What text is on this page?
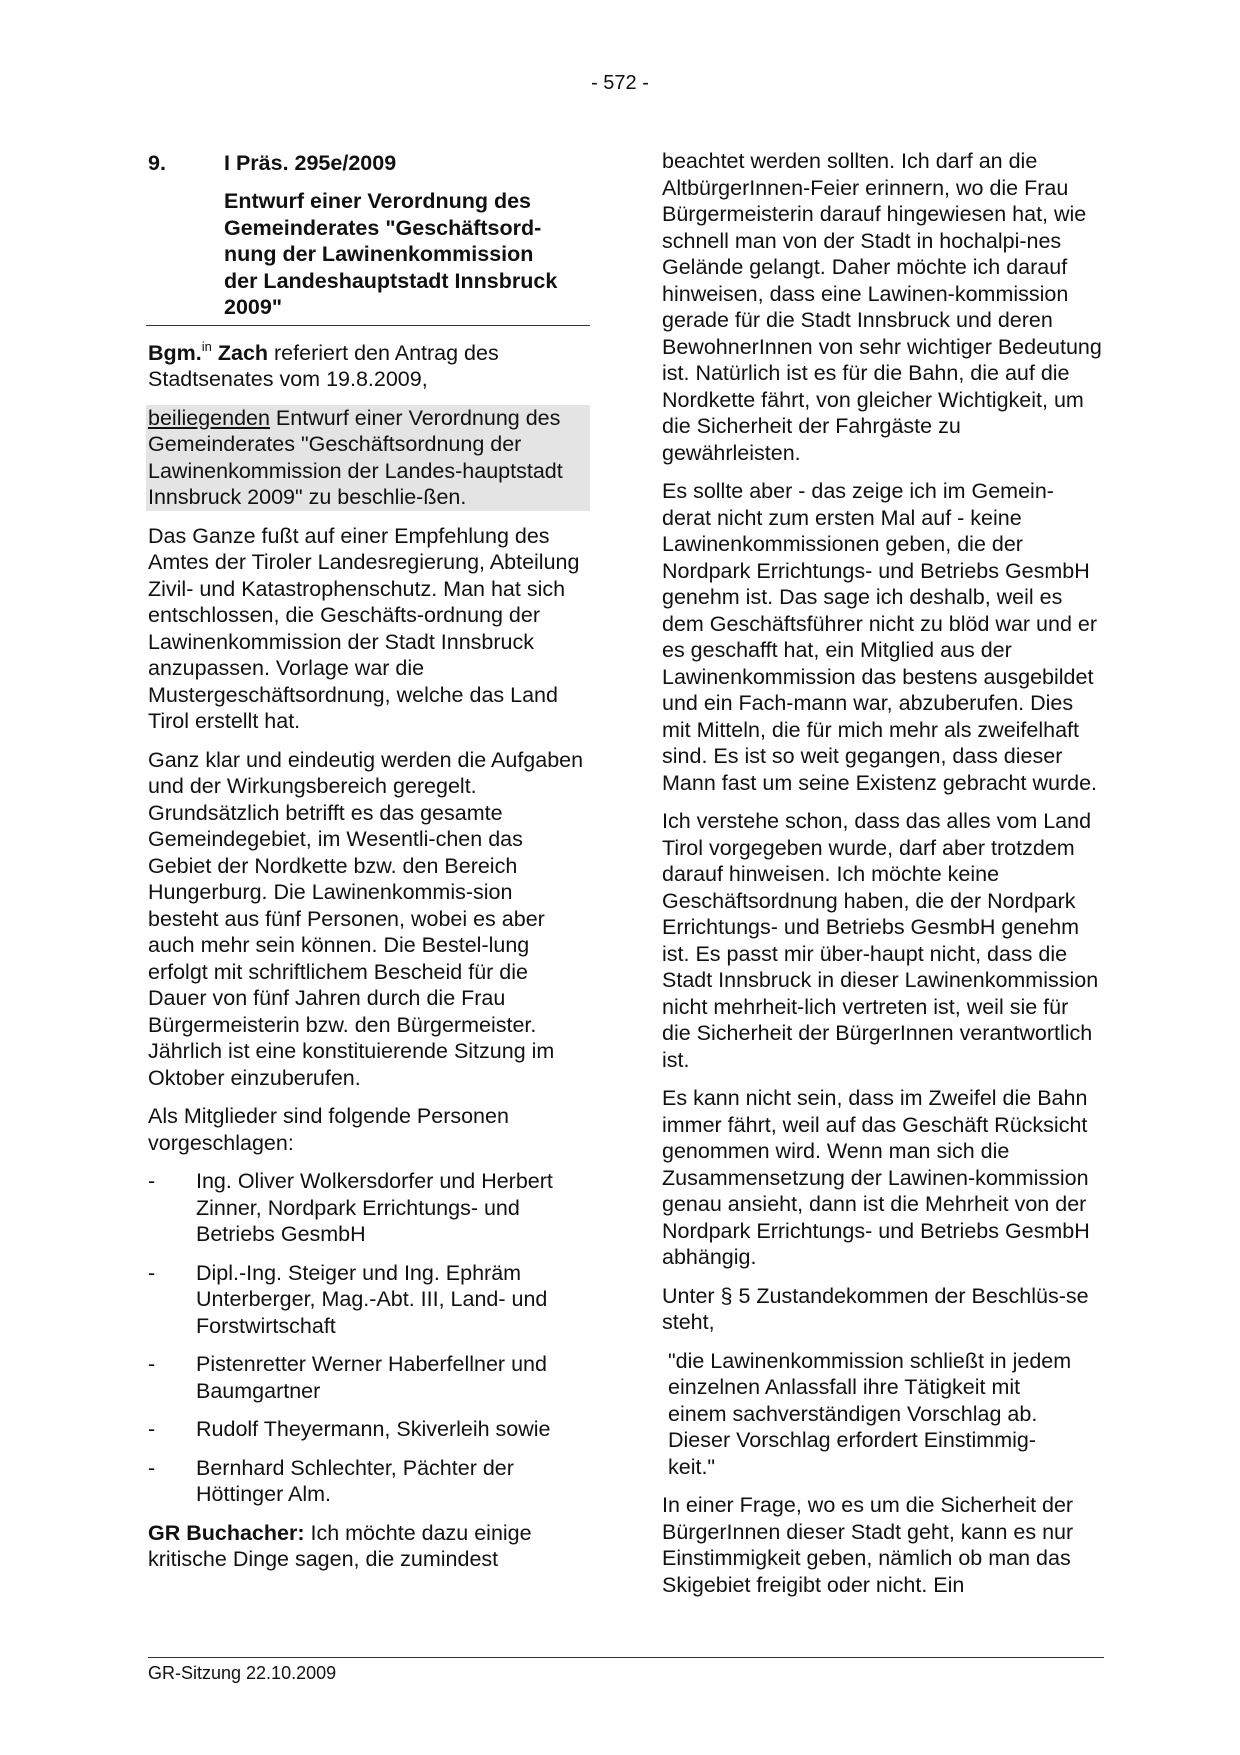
- 572 -
9.	I Präs. 295e/2009
Entwurf einer Verordnung des
Gemeinderates "Geschäftsord-
nung der Lawinenkommission
der Landeshauptstadt Innsbruck
2009"

Bgm.$^{in}$ Zach referiert den Antrag des Stadtsenates vom 19.8.2009,

beiliegenden Entwurf einer Verordnung des Gemeinderates "Geschäftsordnung der Lawinenkommission der Landes-hauptstadt Innsbruck 2009" zu beschlie-ßen.

Das Ganze fußt auf einer Empfehlung des Amtes der Tiroler Landesregierung, Abteilung Zivil- und Katastrophenschutz. Man hat sich entschlossen, die Geschäfts-ordnung der Lawinenkommission der Stadt Innsbruck anzupassen. Vorlage war die Mustergeschäftsordnung, welche das Land Tirol erstellt hat.

Ganz klar und eindeutig werden die Aufgaben und der Wirkungsbereich geregelt. Grundsätzlich betrifft es das gesamte Gemeindegebiet, im Wesentli-chen das Gebiet der Nordkette bzw. den Bereich Hungerburg. Die Lawinenkommis-sion besteht aus fünf Personen, wobei es aber auch mehr sein können. Die Bestel-lung erfolgt mit schriftlichem Bescheid für die Dauer von fünf Jahren durch die Frau Bürgermeisterin bzw. den Bürgermeister. Jährlich ist eine konstituierende Sitzung im Oktober einzuberufen.

Als Mitglieder sind folgende Personen vorgeschlagen:

- Ing. Oliver Wolkersdorfer und Herbert Zinner, Nordpark Errichtungs- und Betriebs GesmbH
- Dipl.-Ing. Steiger und Ing. Ephräm Unterberger, Mag.-Abt. III, Land- und Forstwirtschaft
- Pistenretter Werner Haberfellner und Baumgartner
- Rudolf Theyermann, Skiverleih sowie
- Bernhard Schlechter, Pächter der Höttinger Alm.

GR Buchacher: Ich möchte dazu einige kritische Dinge sagen, die zumindest

beachtet werden sollten. Ich darf an die AltbürgerInnen-Feier erinnern, wo die Frau Bürgermeisterin darauf hingewiesen hat, wie schnell man von der Stadt in hochalpi-nes Gelände gelangt. Daher möchte ich darauf hinweisen, dass eine Lawinen-kommission gerade für die Stadt Innsbruck und deren BewohnerInnen von sehr wichtiger Bedeutung ist. Natürlich ist es für die Bahn, die auf die Nordkette fährt, von gleicher Wichtigkeit, um die Sicherheit der Fahrgäste zu gewährleisten.

Es sollte aber - das zeige ich im Gemein-derat nicht zum ersten Mal auf - keine Lawinenkommissionen geben, die der Nordpark Errichtungs- und Betriebs GesmbH genehm ist. Das sage ich deshalb, weil es dem Geschäftsführer nicht zu blöd war und er es geschafft hat, ein Mitglied aus der Lawinenkommission das bestens ausgebildet und ein Fach-mann war, abzuberufen. Dies mit Mitteln, die für mich mehr als zweifelhaft sind. Es ist so weit gegangen, dass dieser Mann fast um seine Existenz gebracht wurde.

Ich verstehe schon, dass das alles vom Land Tirol vorgegeben wurde, darf aber trotzdem darauf hinweisen. Ich möchte keine Geschäftsordnung haben, die der Nordpark Errichtungs- und Betriebs GesmbH genehm ist. Es passt mir über-haupt nicht, dass die Stadt Innsbruck in dieser Lawinenkommission nicht mehrheit-lich vertreten ist, weil sie für die Sicherheit der BürgerInnen verantwortlich ist.

Es kann nicht sein, dass im Zweifel die Bahn immer fährt, weil auf das Geschäft Rücksicht genommen wird. Wenn man sich die Zusammensetzung der Lawinen-kommission genau ansieht, dann ist die Mehrheit von der Nordpark Errichtungs- und Betriebs GesmbH abhängig.

Unter § 5 Zustandekommen der Beschlüs-se steht,

"die Lawinenkommission schließt in jedem
einzelnen Anlassfall ihre Tätigkeit mit
einem sachverständigen Vorschlag ab.
Dieser Vorschlag erfordert Einstimmig-
keit."

In einer Frage, wo es um die Sicherheit der BürgerInnen dieser Stadt geht, kann es nur Einstimmigkeit geben, nämlich ob man das Skigebiet freigibt oder nicht. Ein

GR-Sitzung 22.10.2009
